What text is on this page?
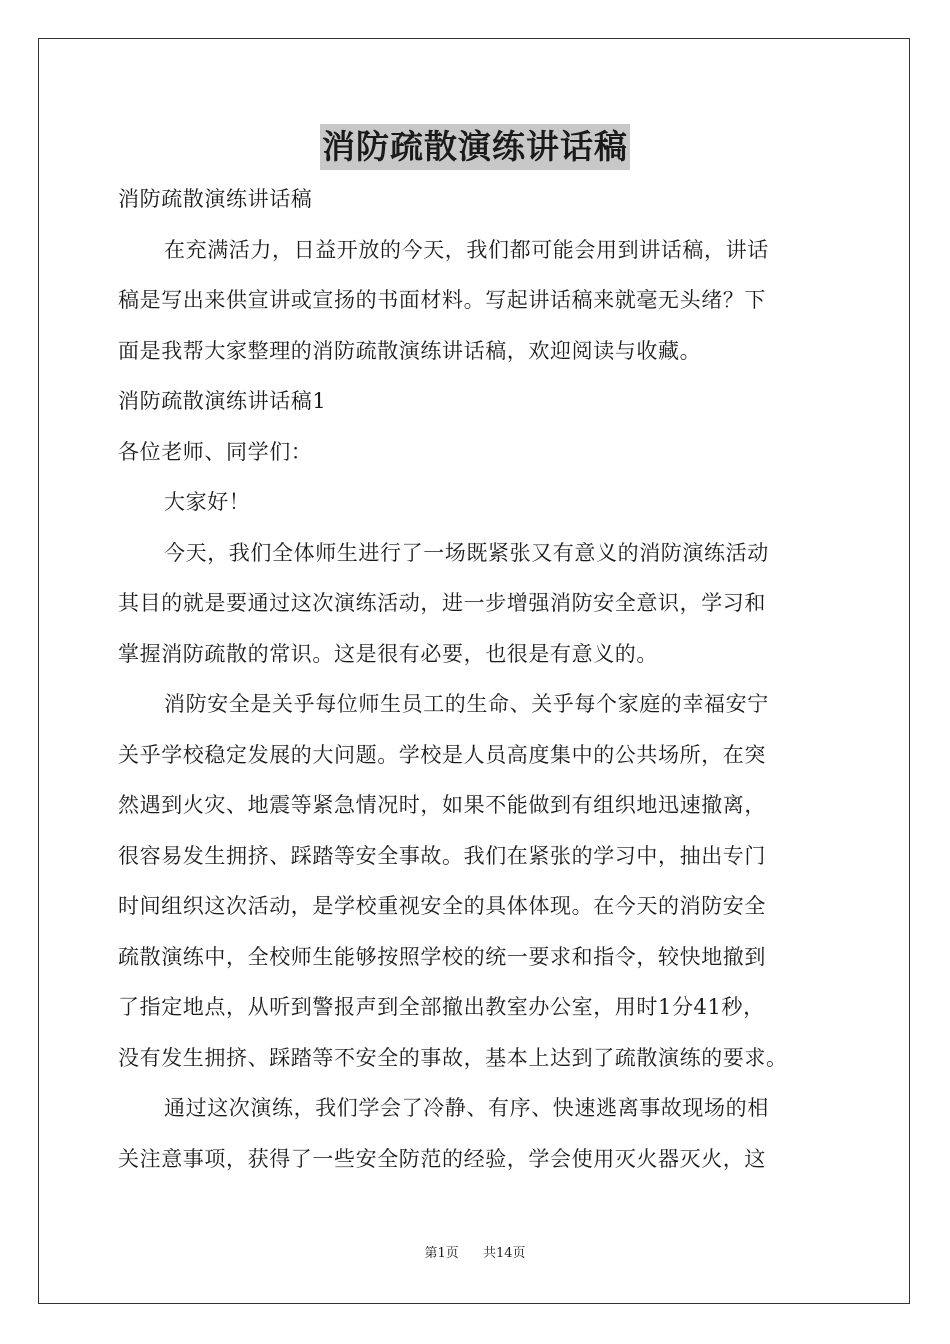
消防疏散演练讲话稿

消防疏散演练讲话稿

在充满活力，日益开放的今天，我们都可能会用到讲话稿，讲话

稿是写出来供宣讲或宣扬的书面材料。写起讲话稿来就毫无头绪？下

面是我帮大家整理的消防疏散演练讲话稿，欢迎阅读与收藏。

消防疏散演练讲话稿1

各位老师、同学们：

大家好！

今天，我们全体师生进行了一场既紧张又有意义的消防演练活动

其目的就是要通过这次演练活动，进一步增强消防安全意识，学习和

掌握消防疏散的常识。这是很有必要，也很是有意义的。

消防安全是关乎每位师生员工的生命、关乎每个家庭的幸福安宁

关乎学校稳定发展的大问题。学校是人员高度集中的公共场所，在突

然遇到火灾、地震等紧急情况时，如果不能做到有组织地迅速撤离，

很容易发生拥挤、踩踏等安全事故。我们在紧张的学习中，抽出专门

时间组织这次活动，是学校重视安全的具体体现。在今天的消防安全

疏散演练中，全校师生能够按照学校的统一要求和指令，较快地撤到

了指定地点，从听到警报声到全部撤出教室办公室，用时1分41秒，

没有发生拥挤、踩踏等不安全的事故，基本上达到了疏散演练的要求。

通过这次演练，我们学会了冷静、有序、快速逃离事故现场的相

关注意事项，获得了一些安全防范的经验，学会使用灭火器灭火，这

第1页 共14页
